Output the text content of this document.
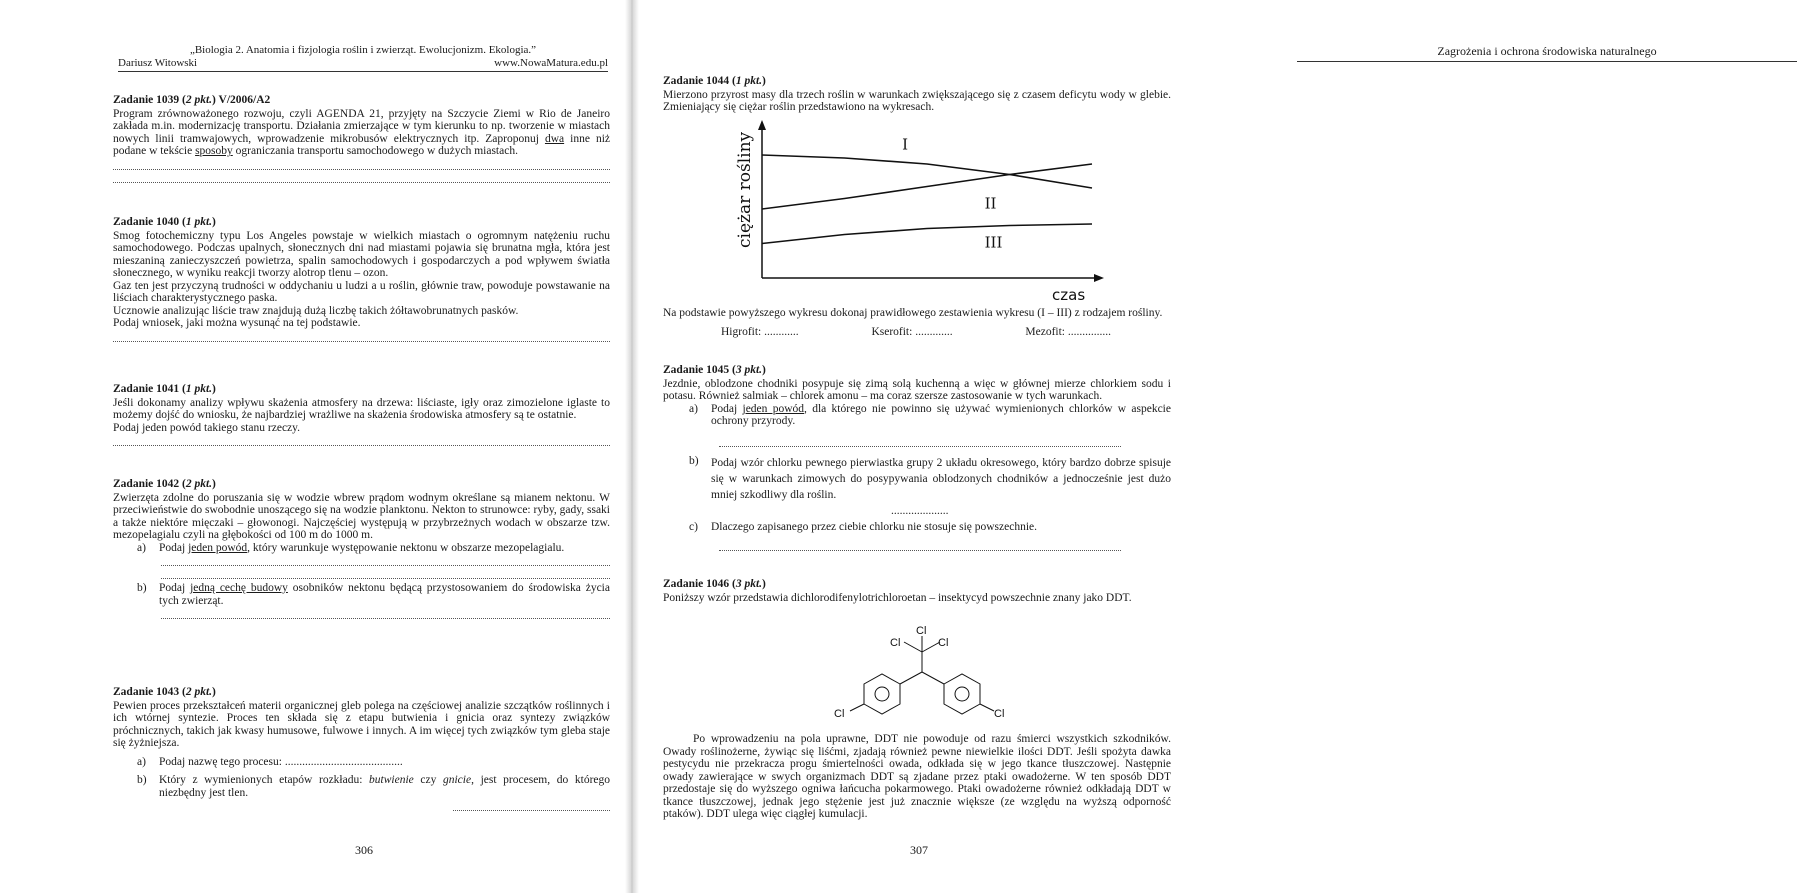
„Biologia 2. Anatomia i fizjologia roślin i zwierząt. Ewolucjonizm. Ekologia.”
Dariusz Witowski	www.NowaMatura.edu.pl

Zadanie 1039 (2 pkt.) V/2006/A2

Program zrównoważonego rozwoju, czyli AGENDA 21, przyjęty na Szczycie Ziemi w Rio de Janeiro zakłada m.in. modernizację transportu. Działania zmierzające w tym kierunku to np. tworzenie w miastach nowych linii tramwajowych, wprowadzenie mikrobusów elektrycznych itp. Zaproponuj dwa inne niż podane w tekście sposoby ograniczania transportu samochodowego w dużych miastach.

Zadanie 1040 (1 pkt.)

Smog fotochemiczny typu Los Angeles powstaje w wielkich miastach o ogromnym natężeniu ruchu samochodowego. Podczas upalnych, słonecznych dni nad miastami pojawia się brunatna mgła, która jest mieszaniną zanieczyszczeń powietrza, spalin samochodowych i gospodarczych a pod wpływem światła słonecznego, w wyniku reakcji tworzy alotrop tlenu – ozon.

Gaz ten jest przyczyną trudności w oddychaniu u ludzi a u roślin, głównie traw, powoduje powstawanie na liściach charakterystycznego paska.

Ucznowie analizując liście traw znajdują dużą liczbę takich żółtawobrunatnych pasków.

Podaj wniosek, jaki można wysunąć na tej podstawie.

Zadanie 1041 (1 pkt.)

Jeśli dokonamy analizy wpływu skażenia atmosfery na drzewa: liściaste, igły oraz zimozielone iglaste to możemy dojść do wniosku, że najbardziej wrażliwe na skażenia środowiska atmosfery są te ostatnie.

Podaj jeden powód takiego stanu rzeczy.

Zadanie 1042 (2 pkt.)

Zwierzęta zdolne do poruszania się w wodzie wbrew prądom wodnym określane są mianem nektonu. W przeciwieństwie do swobodnie unoszącego się na wodzie planktonu. Nekton to strunowce: ryby, gady, ssaki a także niektóre mięczaki – głowonogi. Najczęściej występują w przybrzeżnych wodach w obszarze tzw. mezopelagialu czyli na głębokości od 100 m do 1000 m.

a)	Podaj jeden powód, który warunkuje występowanie nektonu w obszarze mezopelagialu.
b)	Podaj jedną cechę budowy osobników nektonu będącą przystosowaniem do środowiska życia tych zwierząt.

Zadanie 1043 (2 pkt.)

Pewien proces przekształceń materii organicznej gleb polega na częściowej analizie szczątków roślinnych i ich wtórnej syntezie. Proces ten składa się z etapu butwienia i gnicia oraz syntezy związków próchnicznych, takich jak kwasy humusowe, fulwowe i innych. A im więcej tych związków tym gleba staje się żyżniejsza.

a)	Podaj nazwę tego procesu: .........................................
b)	Który z wymienionych etapów rozkładu: butwienie czy gnicie, jest procesem, do którego niezbędny jest tlen.
306
Zagrożenia i ochrona środowiska naturalnego

Zadanie 1044 (1 pkt.)

Mierzono przyrost masy dla trzech roślin w warunkach zwiększającego się z czasem deficytu wody w glebie. Zmieniający się ciężar roślin przedstawiono na wykresach.

ciężar rośliny
czas
I
II
III

Na podstawie powyższego wykresu dokonaj prawidłowego zestawienia wykresu (I – III) z rodzajem rośliny.

Higrofit: ............	Kserofit: .............	Mezofit: ...............

Zadanie 1045 (3 pkt.)

Jezdnie, oblodzone chodniki posypuje się zimą solą kuchenną a więc w głównej mierze chlorkiem sodu i potasu. Również salmiak – chlorek amonu – ma coraz szersze zastosowanie w tych warunkach.

a)	Podaj jeden powód, dla którego nie powinno się używać wymienionych chlorków w aspekcie ochrony przyrody.
b)	Podaj wzór chlorku pewnego pierwiastka grupy 2 układu okresowego, który bardzo dobrze spisuje się w warunkach zimowych do posypywania oblodzonych chodników a jednocześnie jest dużo mniej szkodliwy dla roślin.
....................
c)	Dlaczego zapisanego przez ciebie chlorku nie stosuje się powszechnie.

Zadanie 1046 (3 pkt.)

Poniższy wzór przedstawia dichlorodifenylotrichloroetan – insektycyd powszechnie znany jako DDT.

Cl
Cl	Cl
Cl	Cl

Po wprowadzeniu na pola uprawne, DDT nie powoduje od razu śmierci wszystkich szkodników. Owady roślinożerne, żywiąc się liśćmi, zjadają również pewne niewielkie ilości DDT. Jeśli spożyta dawka pestycydu nie przekracza progu śmiertelności owada, odkłada się w jego tkance tłuszczowej. Następnie owady zawierające w swych organizmach DDT są zjadane przez ptaki owadożerne. W ten sposób DDT przedostaje się do wyższego ogniwa łańcucha pokarmowego. Ptaki owadożerne również odkładają DDT w tkance tłuszczowej, jednak jego stężenie jest już znacznie większe (ze względu na wyższą odporność ptaków). DDT ulega więc ciągłej kumulacji.

307
